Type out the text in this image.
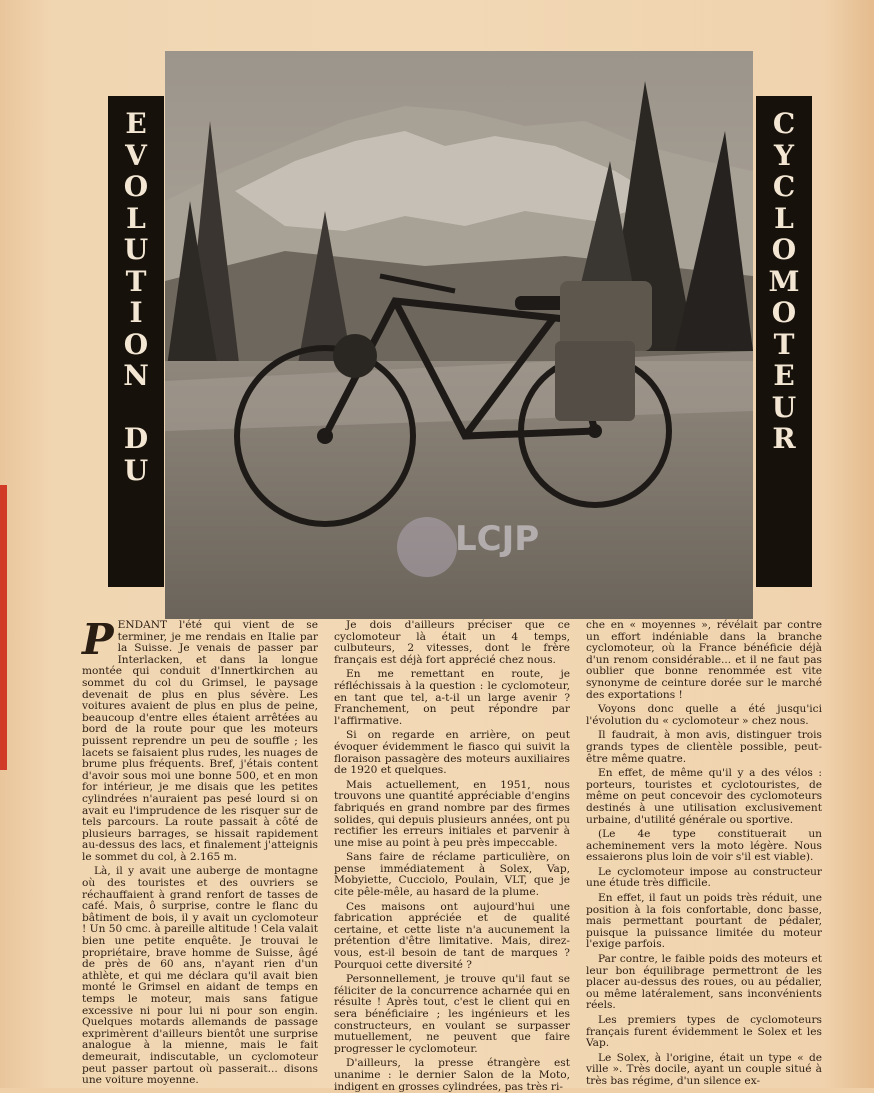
E
V
O
L
U
T
I
O
N
D
U
C
Y
C
L
O
M
O
T
E
U
R
LCJP

PENDANT l'été qui vient de se terminer, je me rendais en Italie par la Suisse. Je venais de passer par Interlacken, et dans la longue montée qui conduit d'Innertkirchen au sommet du col du Grimsel, le paysage devenait de plus en plus sévère. Les voitures avaient de plus en plus de peine, beaucoup d'entre elles étaient arrêtées au bord de la route pour que les moteurs puissent reprendre un peu de souffle ; les lacets se faisaient plus rudes, les nuages de brume plus fréquents. Bref, j'étais content d'avoir sous moi une bonne 500, et en mon for intérieur, je me disais que les petites cylindrées n'auraient pas pesé lourd si on avait eu l'imprudence de les risquer sur de tels parcours. La route passait à côté de plusieurs barrages, se hissait rapidement au-dessus des lacs, et finalement j'atteignis le sommet du col, à 2.165 m.

Là, il y avait une auberge de montagne où des touristes et des ouvriers se réchauffaient à grand renfort de tasses de café. Mais, ô surprise, contre le flanc du bâtiment de bois, il y avait un cyclomoteur ! Un 50 cmc. à pareille altitude ! Cela valait bien une petite enquête. Je trouvai le propriétaire, brave homme de Suisse, âgé de près de 60 ans, n'ayant rien d'un athlète, et qui me déclara qu'il avait bien monté le Grimsel en aidant de temps en temps le moteur, mais sans fatigue excessive ni pour lui ni pour son engin. Quelques motards allemands de passage exprimèrent d'ailleurs bientôt une surprise analogue à la mienne, mais le fait demeurait, indiscutable, un cyclomoteur peut passer partout où passerait... disons une voiture moyenne.

Je dois d'ailleurs préciser que ce cyclomoteur là était un 4 temps, culbuteurs, 2 vitesses, dont le frère français est déjà fort apprécié chez nous.

En me remettant en route, je réfléchissais à la question : le cyclomoteur, en tant que tel, a-t-il un large avenir ? Franchement, on peut répondre par l'affirmative.

Si on regarde en arrière, on peut évoquer évidemment le fiasco qui suivit la floraison passagère des moteurs auxiliaires de 1920 et quelques.

Mais actuellement, en 1951, nous trouvons une quantité appréciable d'engins fabriqués en grand nombre par des firmes solides, qui depuis plusieurs années, ont pu rectifier les erreurs initiales et parvenir à une mise au point à peu près impeccable.

Sans faire de réclame particulière, on pense immédiatement à Solex, Vap, Mobyiette, Cucciolo, Poulain, VLT, que je cite pêle-mêle, au hasard de la plume.

Ces maisons ont aujourd'hui une fabrication appréciée et de qualité certaine, et cette liste n'a aucunement la prétention d'être limitative. Mais, direz-vous, est-il besoin de tant de marques ? Pourquoi cette diversité ?

Personnellement, je trouve qu'il faut se féliciter de la concurrence acharnée qui en résulte ! Après tout, c'est le client qui en sera bénéficiaire ; les ingénieurs et les constructeurs, en voulant se surpasser mutuellement, ne peuvent que faire progresser le cyclomoteur.

D'ailleurs, la presse étrangère est unanime : le dernier Salon de la Moto, indigent en grosses cylindrées, pas très ri-

che en « moyennes », révélait par contre un effort indéniable dans la branche cyclomoteur, où la France bénéficie déjà d'un renom considérable... et il ne faut pas oublier que bonne renommée est vite synonyme de ceinture dorée sur le marché des exportations !

Voyons donc quelle a été jusqu'ici l'évolution du « cyclomoteur » chez nous.

Il faudrait, à mon avis, distinguer trois grands types de clientèle possible, peut-être même quatre.

En effet, de même qu'il y a des vélos : porteurs, touristes et cyclotouristes, de même on peut concevoir des cyclomoteurs destinés à une utilisation exclusivement urbaine, d'utilité générale ou sportive.

(Le 4e type constituerait un acheminement vers la moto légère. Nous essaierons plus loin de voir s'il est viable).

Le cyclomoteur impose au constructeur une étude très difficile.

En effet, il faut un poids très réduit, une position à la fois confortable, donc basse, mais permettant pourtant de pédaler, puisque la puissance limitée du moteur l'exige parfois.

Par contre, le faible poids des moteurs et leur bon équilibrage permettront de les placer au-dessus des roues, ou au pédalier, ou même latéralement, sans inconvénients réels.

Les premiers types de cyclomoteurs français furent évidemment le Solex et les Vap.

Le Solex, à l'origine, était un type « de ville ». Très docile, ayant un couple situé à très bas régime, d'un silence ex-
